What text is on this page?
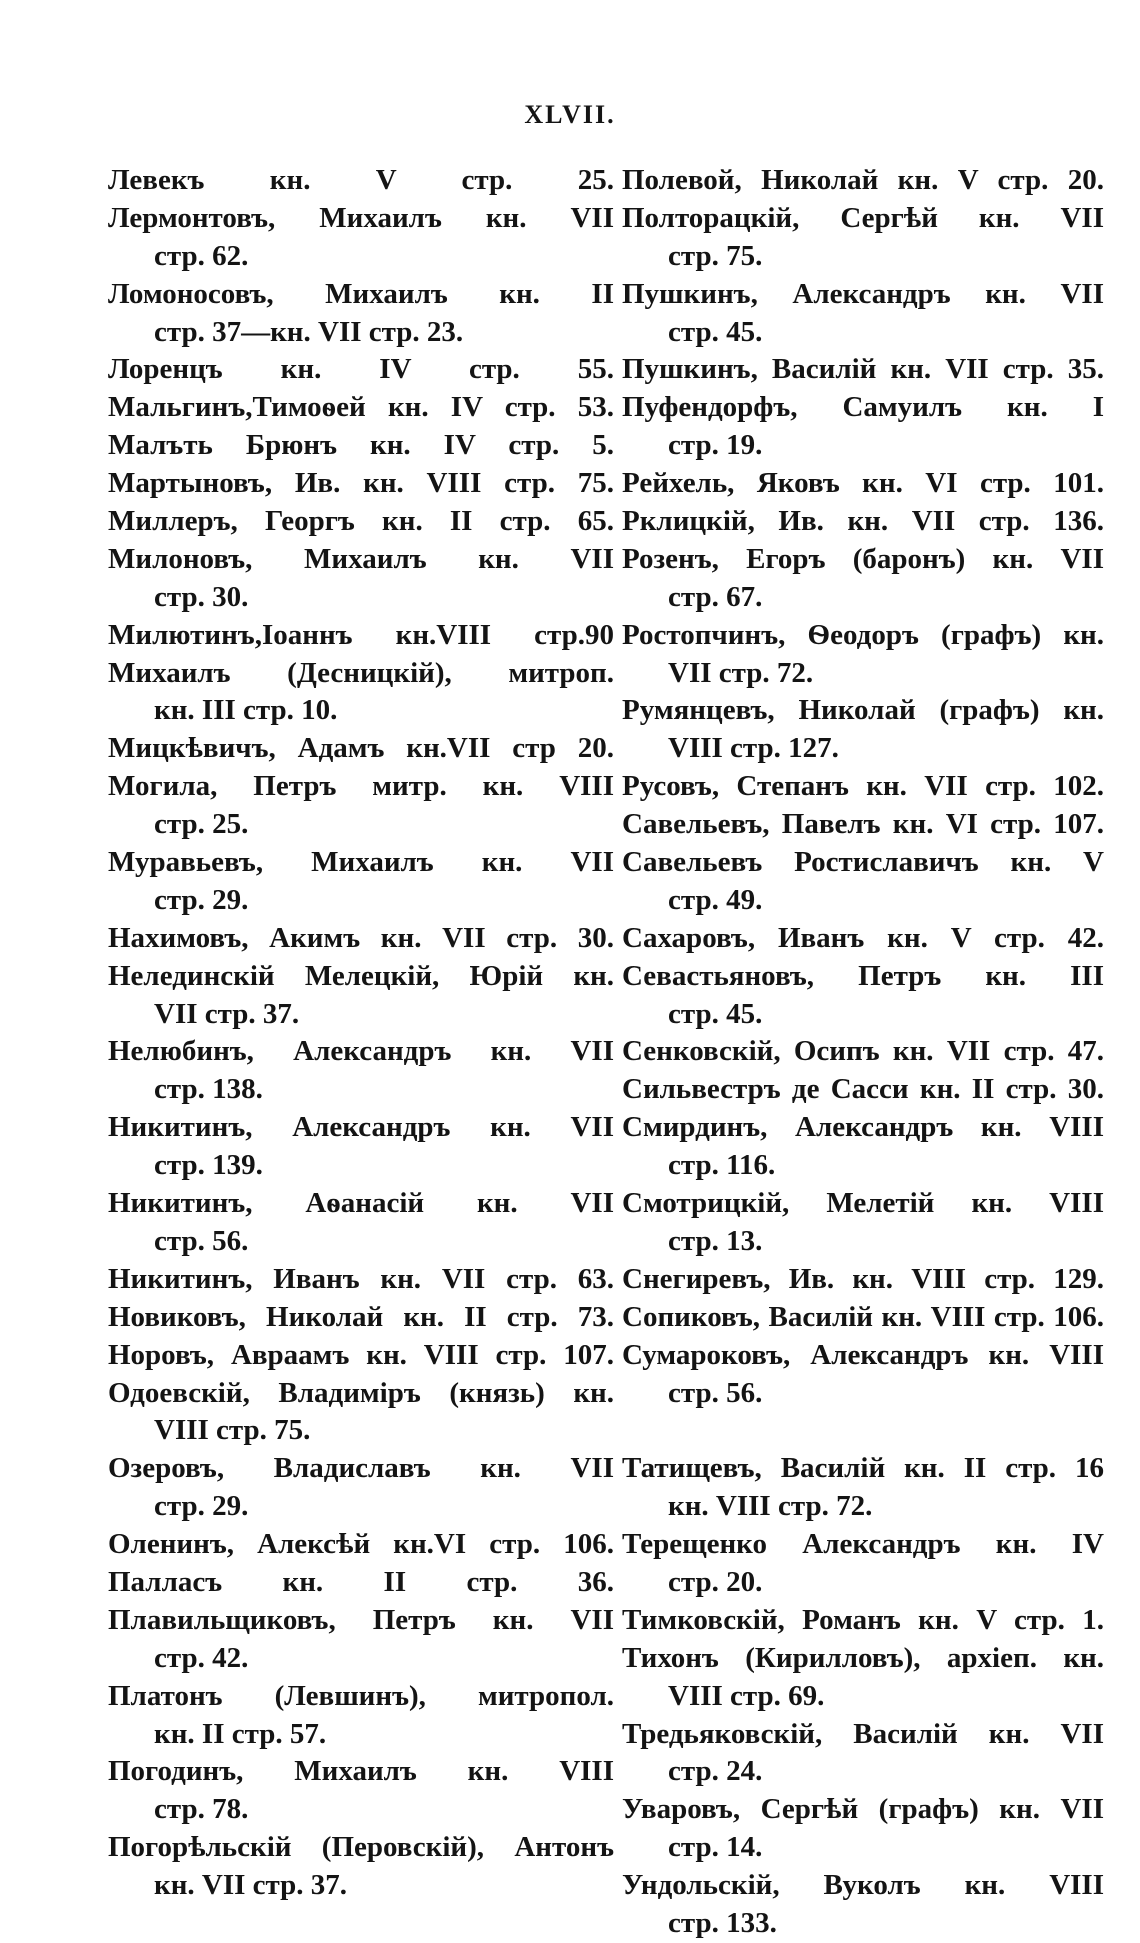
XLVII.
Левекъ кн. V стр. 25.
Лермонтовъ, Михаилъ кн. VII
стр. 62.
Ломоносовъ, Михаилъ кн. II
стр. 37—кн. VII стр. 23.
Лоренцъ кн. IV стр. 55.
Мальгинъ,Тимоѳей кн. IV стр. 53.
Малъть Брюнъ кн. IV стр. 5.
Мартыновъ, Ив. кн. VIII стр. 75.
Миллеръ, Георгъ кн. II стр. 65.
Милоновъ, Михаилъ кн. VII
стр. 30.
Милютинъ,Іоаннъ кн.VIII стр.90
Михаилъ (Десницкій), митроп.
кн. III стр. 10.
Мицкѣвичъ, Адамъ кн.VII стр 20.
Могила, Петръ митр. кн. VIII
стр. 25.
Муравьевъ, Михаилъ кн. VII
стр. 29.
Нахимовъ, Акимъ кн. VII стр. 30.
Нелединскій Мелецкій, Юрій кн.
VII стр. 37.
Нелюбинъ, Александръ кн. VII
стр. 138.
Никитинъ, Александръ кн. VII
стр. 139.
Никитинъ, Аѳанасій кн. VII
стр. 56.
Никитинъ, Иванъ кн. VII стр. 63.
Новиковъ, Николай кн. II стр. 73.
Норовъ, Авраамъ кн. VIII стр. 107.
Одоевскій, Владиміръ (князь) кн.
VIII стр. 75.
Озеровъ, Владиславъ кн. VII
стр. 29.
Оленинъ, Алексѣй кн.VI стр. 106.
Палласъ кн. II стр. 36.
Плавильщиковъ, Петръ кн. VII
стр. 42.
Платонъ (Левшинъ), митропол.
кн. II стр. 57.
Погодинъ, Михаилъ кн. VIII
стр. 78.
Погорѣльскій (Перовскій), Антонъ
кн. VII стр. 37.
Полевой, Николай кн. V стр. 20.
Полторацкій, Сергѣй кн. VII
стр. 75.
Пушкинъ, Александръ кн. VII
стр. 45.
Пушкинъ, Василій кн. VII стр. 35.
Пуфендорфъ, Самуилъ кн. I
стр. 19.
Рейхель, Яковъ кн. VI стр. 101.
Рклицкій, Ив. кн. VII стр. 136.
Розенъ, Егоръ (баронъ) кн. VII
стр. 67.
Ростопчинъ, Ѳеодоръ (графъ) кн.
VII стр. 72.
Румянцевъ, Николай (графъ) кн.
VIII стр. 127.
Русовъ, Степанъ кн. VII стр. 102.
Савельевъ, Павелъ кн. VI стр. 107.
Савельевъ Ростиславичъ кн. V
стр. 49.
Сахаровъ, Иванъ кн. V стр. 42.
Севастьяновъ, Петръ кн. III
стр. 45.
Сенковскій, Осипъ кн. VII стр. 47.
Сильвестръ де Сасси кн. II стр. 30.
Смирдинъ, Александръ кн. VIII
стр. 116.
Смотрицкій, Мелетій кн. VIII
стр. 13.
Снегиревъ, Ив. кн. VIII стр. 129.
Сопиковъ, Василій кн. VIII стр. 106.
Сумароковъ, Александръ кн. VIII
стр. 56.
Татищевъ, Василій кн. II стр. 16
кн. VIII стр. 72.
Терещенко Александръ кн. IV
стр. 20.
Тимковскій, Романъ кн. V стр. 1.
Тихонъ (Кирилловъ), архіеп. кн.
VIII стр. 69.
Тредьяковскій, Василій кн. VII
стр. 24.
Уваровъ, Сергѣй (графъ) кн. VII
стр. 14.
Ундольскій, Вуколъ кн. VIII
стр. 133.
